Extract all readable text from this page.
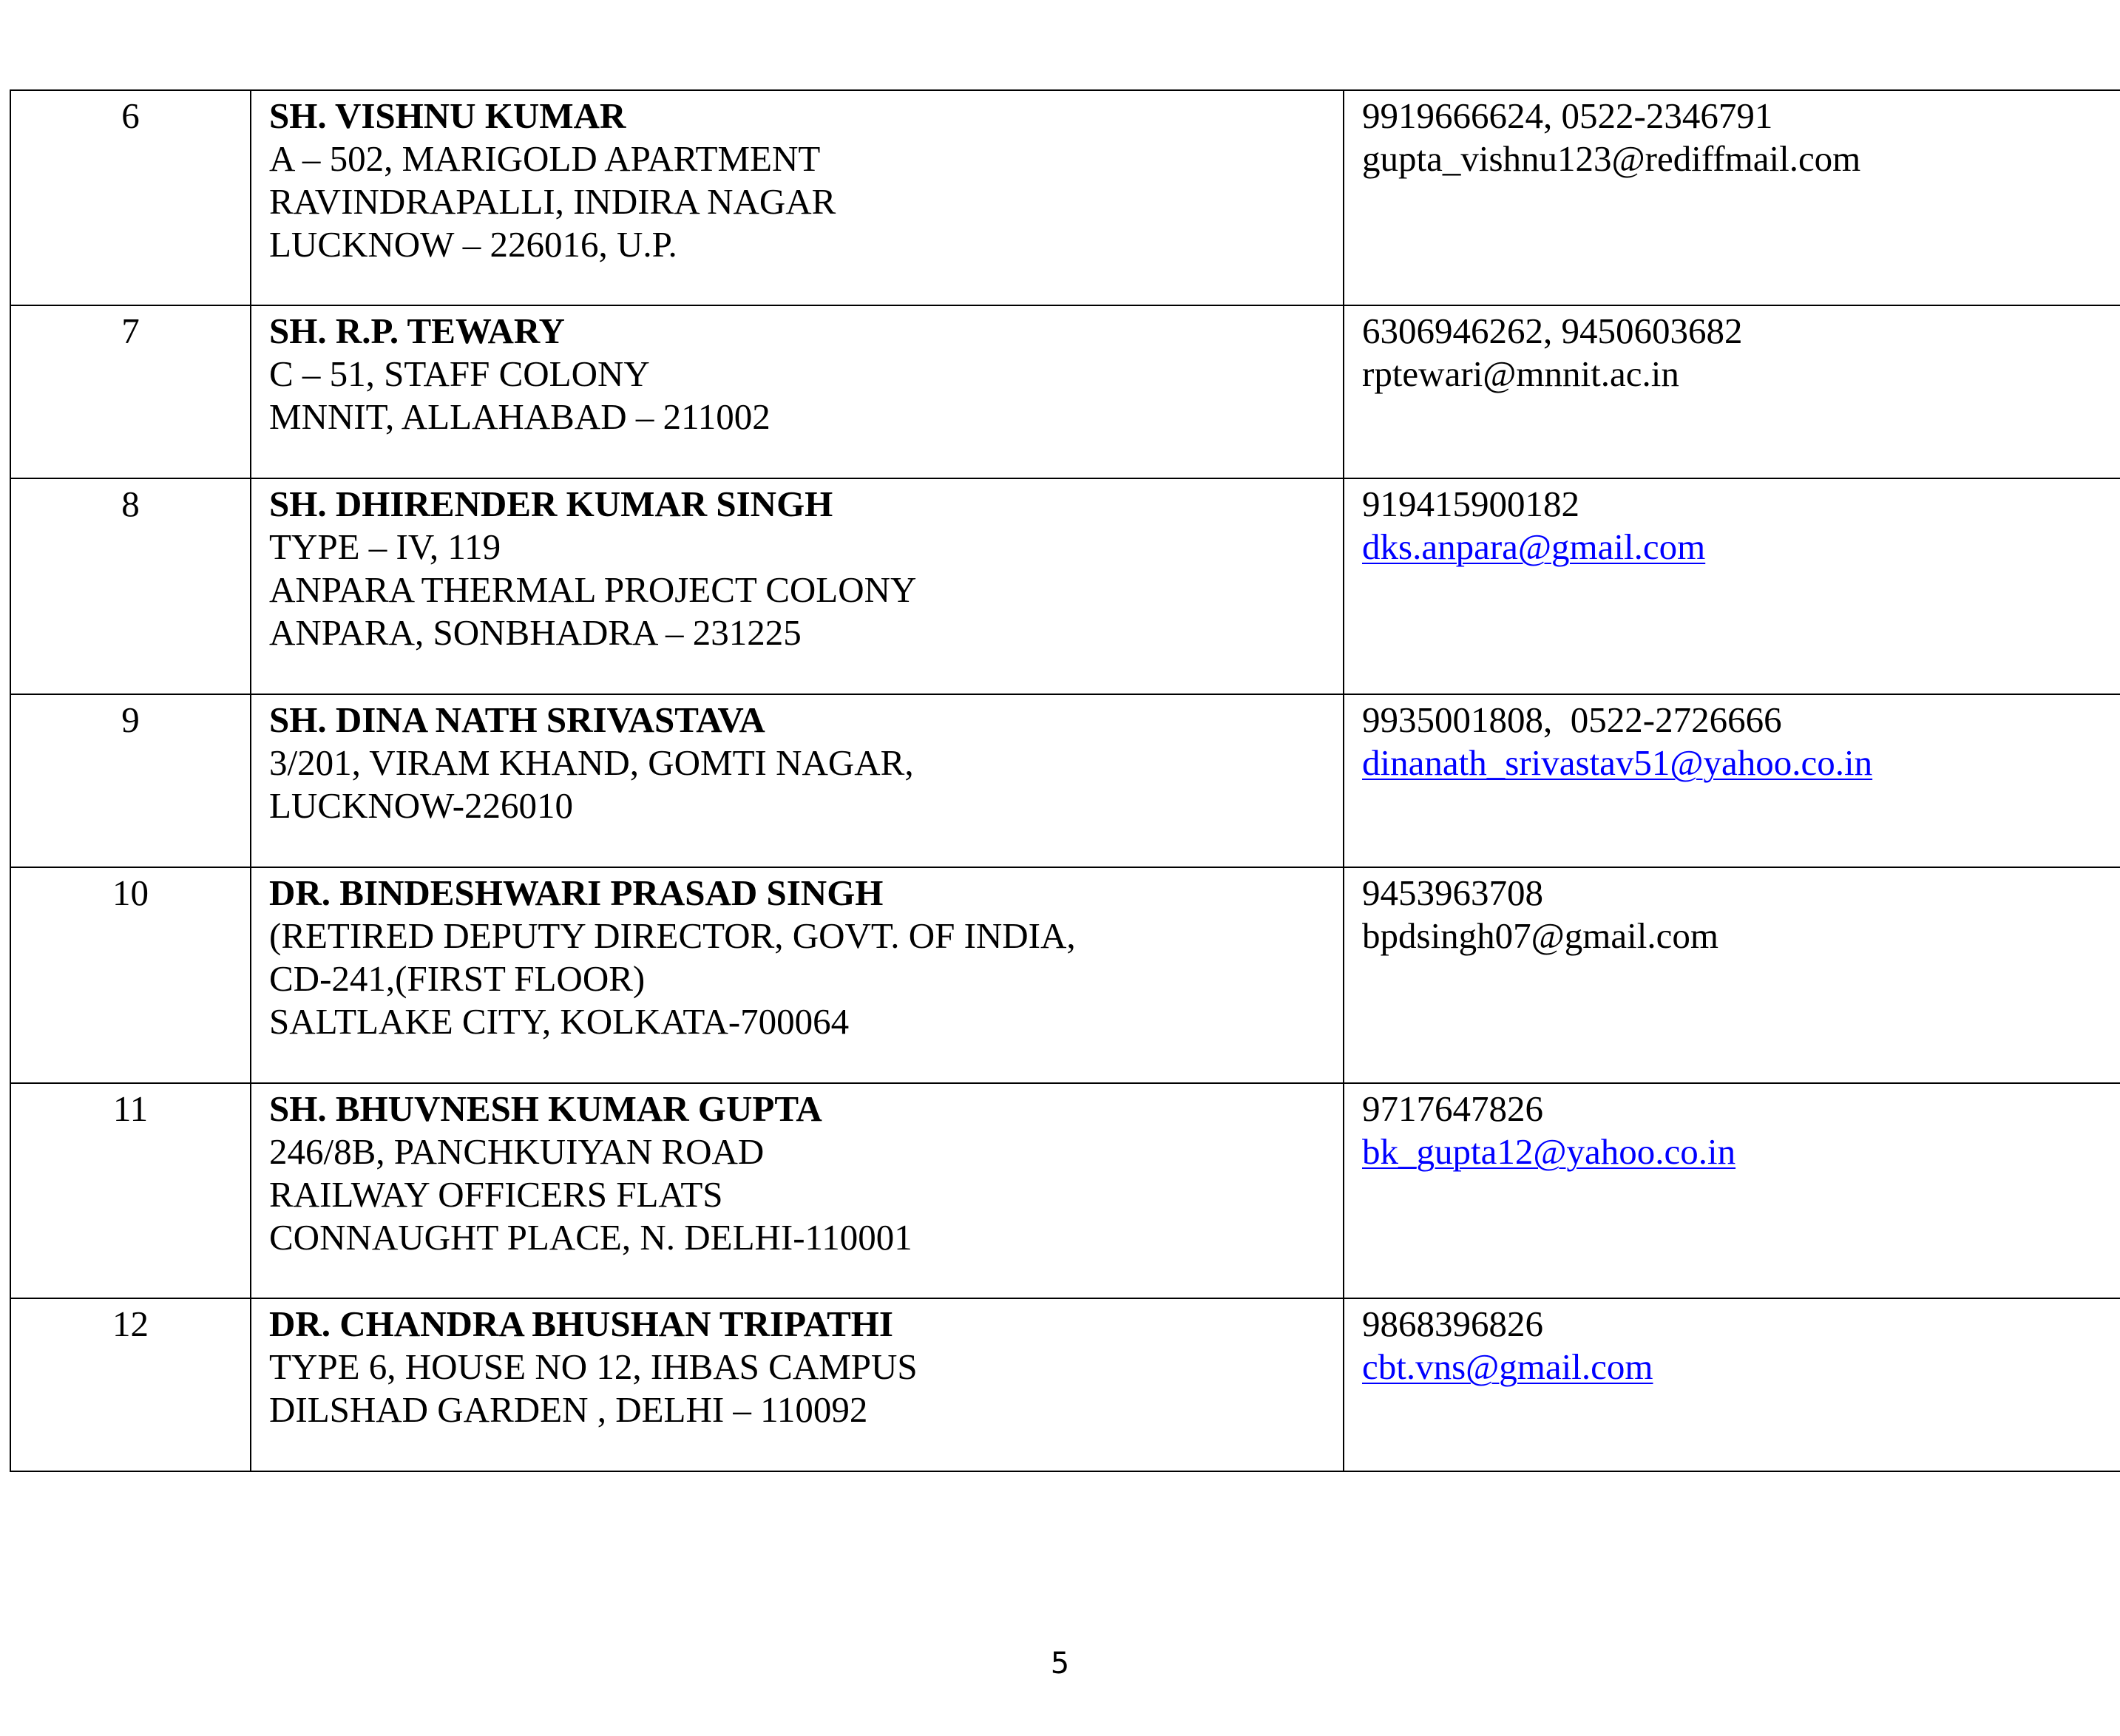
6	SH. VISHNU KUMAR
A – 502, MARIGOLD APARTMENT
RAVINDRAPALLI, INDIRA NAGAR
LUCKNOW – 226016, U.P.	9919666624, 0522-2346791
gupta_vishnu123@rediffmail.com

7	SH. R.P. TEWARY
C – 51, STAFF COLONY
MNNIT, ALLAHABAD – 211002	6306946262, 9450603682
rptewari@mnnit.ac.in

8	SH. DHIRENDER KUMAR SINGH
TYPE – IV, 119
ANPARA THERMAL PROJECT COLONY
ANPARA, SONBHADRA – 231225	919415900182
dks.anpara@gmail.com

9	SH. DINA NATH SRIVASTAVA
3/201, VIRAM KHAND, GOMTI NAGAR,
LUCKNOW-226010	9935001808,  0522-2726666
dinanath_srivastav51@yahoo.co.in

10	DR. BINDESHWARI PRASAD SINGH
(RETIRED DEPUTY DIRECTOR, GOVT. OF INDIA,
CD-241,(FIRST FLOOR)
SALTLAKE CITY, KOLKATA-700064	9453963708
bpdsingh07@gmail.com

11	SH. BHUVNESH KUMAR GUPTA
246/8B, PANCHKUIYAN ROAD
RAILWAY OFFICERS FLATS
CONNAUGHT PLACE, N. DELHI-110001	9717647826
bk_gupta12@yahoo.co.in

12	DR. CHANDRA BHUSHAN TRIPATHI
TYPE 6, HOUSE NO 12, IHBAS CAMPUS
DILSHAD GARDEN , DELHI – 110092	9868396826
cbt.vns@gmail.com
5
